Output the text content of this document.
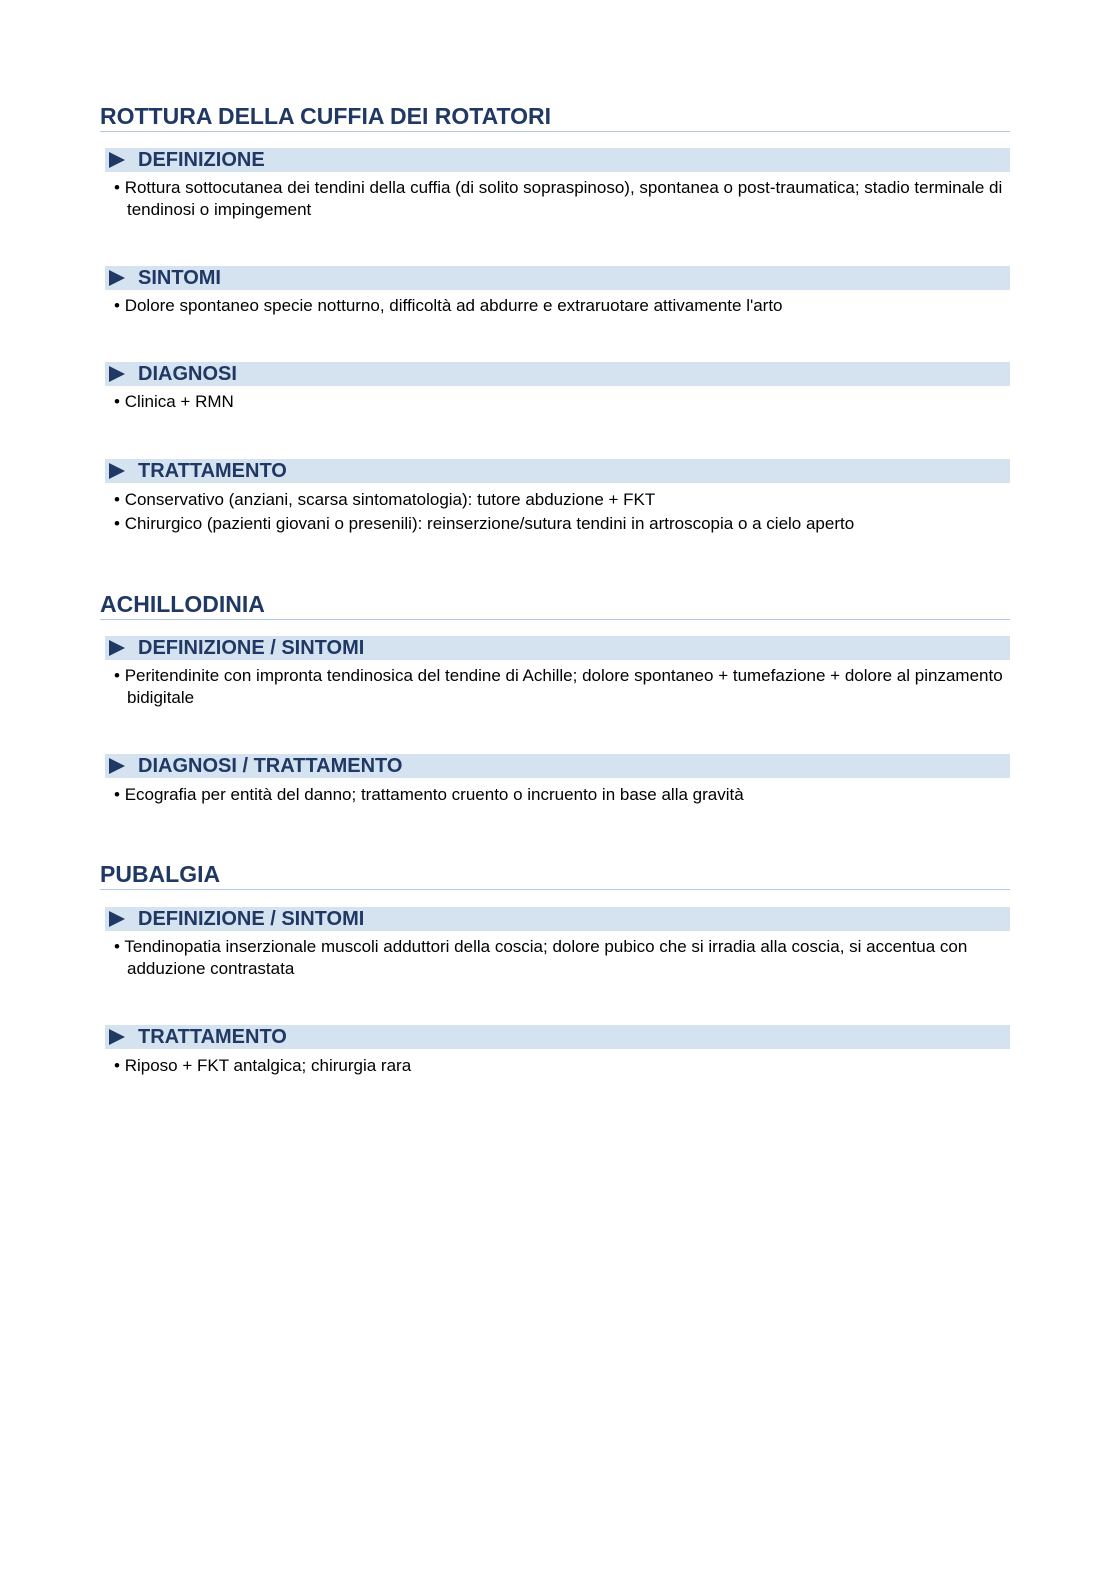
ROTTURA DELLA CUFFIA DEI ROTATORI
DEFINIZIONE
• Rottura sottocutanea dei tendini della cuffia (di solito sopraspinoso), spontanea o post-traumatica; stadio terminale di tendinosi o impingement
SINTOMI
• Dolore spontaneo specie notturno, difficoltà ad abdurre e extraruotare attivamente l'arto
DIAGNOSI
• Clinica + RMN
TRATTAMENTO
• Conservativo (anziani, scarsa sintomatologia): tutore abduzione + FKT
• Chirurgico (pazienti giovani o presenili): reinserzione/sutura tendini in artroscopia o a cielo aperto
ACHILLODINIA
DEFINIZIONE / SINTOMI
• Peritendinite con impronta tendinosica del tendine di Achille; dolore spontaneo + tumefazione + dolore al pinzamento bidigitale
DIAGNOSI / TRATTAMENTO
• Ecografia per entità del danno; trattamento cruento o incruento in base alla gravità
PUBALGIA
DEFINIZIONE / SINTOMI
• Tendinopatia inserzionale muscoli adduttori della coscia; dolore pubico che si irradia alla coscia, si accentua con adduzione contrastata
TRATTAMENTO
• Riposo + FKT antalgica; chirurgia rara
